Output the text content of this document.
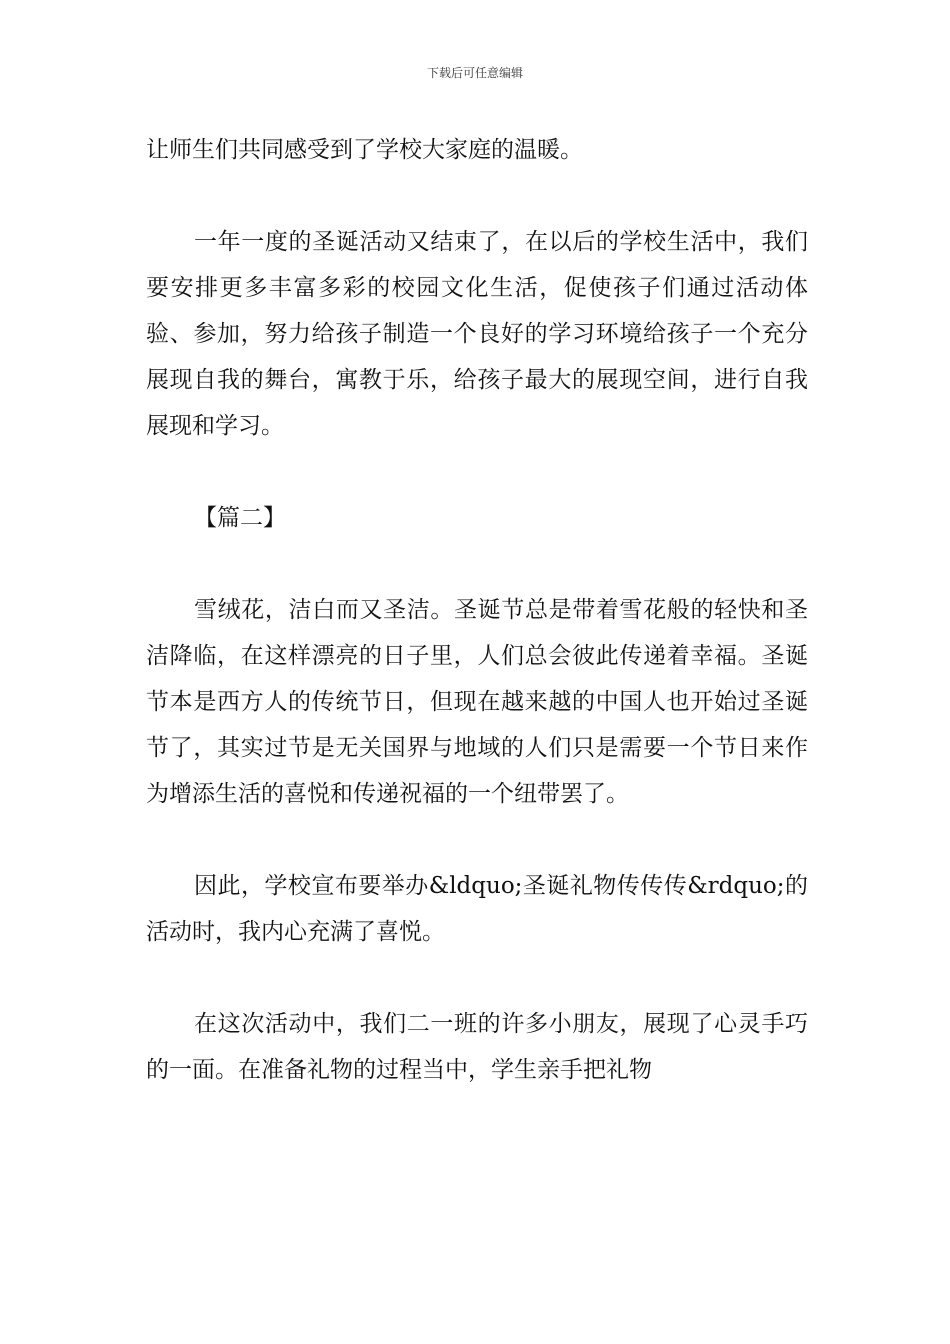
下载后可任意编辑

让师生们共同感受到了学校大家庭的温暖。

一年一度的圣诞活动又结束了，在以后的学校生活中，我们要安排更多丰富多彩的校园文化生活，促使孩子们通过活动体验、参加，努力给孩子制造一个良好的学习环境给孩子一个充分展现自我的舞台，寓教于乐，给孩子最大的展现空间，进行自我展现和学习。

【篇二】

雪绒花，洁白而又圣洁。圣诞节总是带着雪花般的轻快和圣洁降临，在这样漂亮的日子里，人们总会彼此传递着幸福。圣诞节本是西方人的传统节日，但现在越来越的中国人也开始过圣诞节了，其实过节是无关国界与地域的人们只是需要一个节日来作为增添生活的喜悦和传递祝福的一个纽带罢了。

因此，学校宣布要举办&ldquo;圣诞礼物传传传&rdquo;的活动时，我内心充满了喜悦。

在这次活动中，我们二一班的许多小朋友，展现了心灵手巧的一面。在准备礼物的过程当中，学生亲手把礼物
